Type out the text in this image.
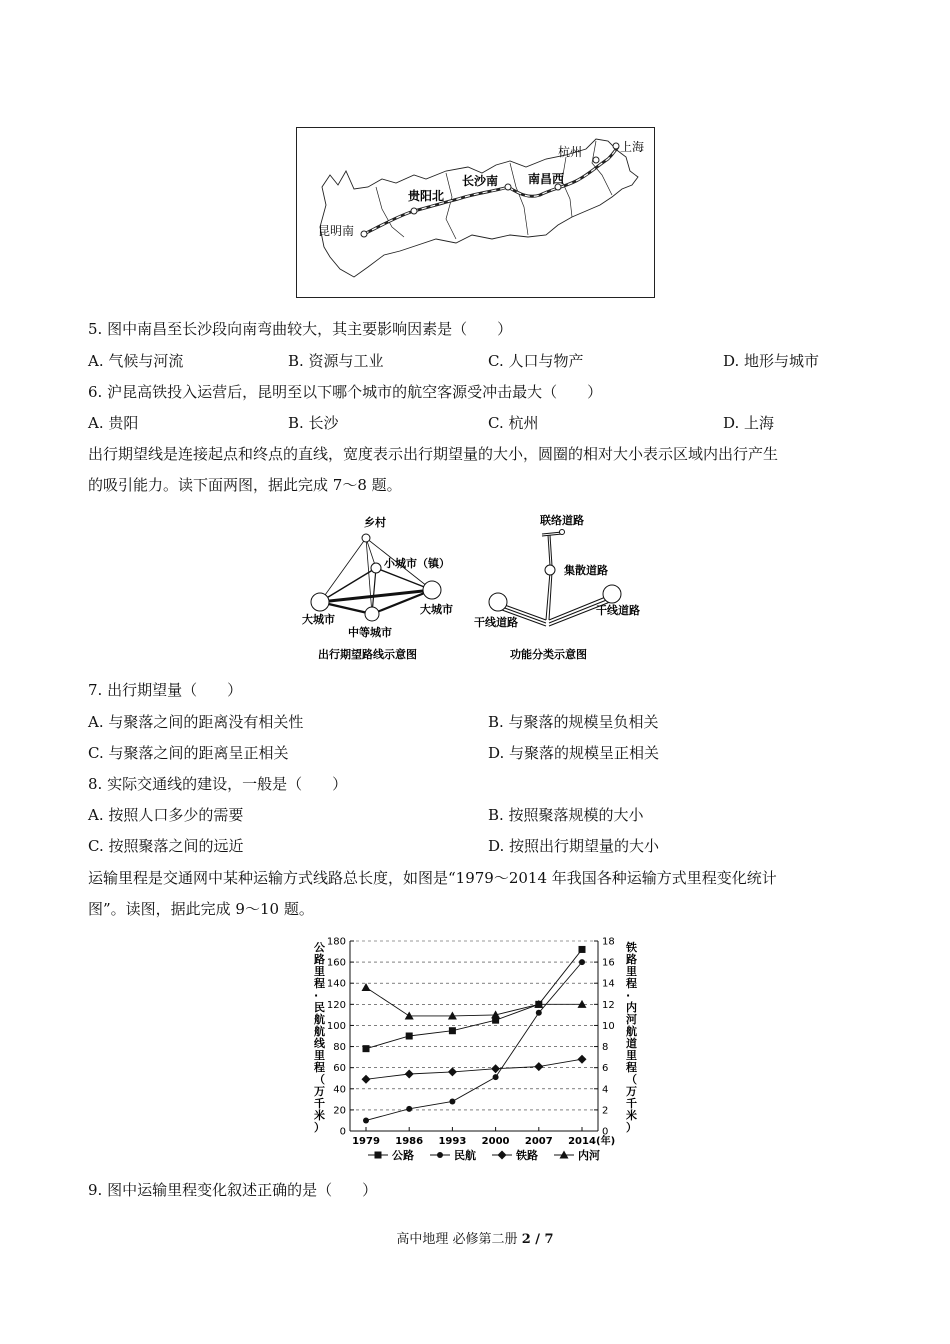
上海
杭州
南昌西
长沙南
贵阳北
昆明南
5. 图中南昌至长沙段向南弯曲较大，其主要影响因素是（　　）
A. 气候与河流	B. 资源与工业	C. 人口与物产	D. 地形与城市
6. 沪昆高铁投入运营后，昆明至以下哪个城市的航空客源受冲击最大（　　）
A. 贵阳	B. 长沙	C. 杭州	D. 上海
出行期望线是连接起点和终点的直线，宽度表示出行期望量的大小，圆圈的相对大小表示区域内出行产生
的吸引能力。读下面两图，据此完成 7～8 题。
乡村
小城市（镇）
大城市
中等城市
大城市
出行期望路线示意图
联络道路
集散道路
干线道路
干线道路
功能分类示意图
7. 出行期望量（　　）
A. 与聚落之间的距离没有相关性	B. 与聚落的规模呈负相关
C. 与聚落之间的距离呈正相关	D. 与聚落的规模呈正相关
8. 实际交通线的建设，一般是（　　）
A. 按照人口多少的需要	B. 按照聚落规模的大小
C. 按照聚落之间的远近	D. 按照出行期望量的大小
运输里程是交通网中某种运输方式线路总长度，如图是“1979～2014 年我国各种运输方式里程变化统计
图”。读图，据此完成 9～10 题。
0
20
40
60
80
100
120
140
160
180
0
2
4
6
8
10
12
14
16
18
1979 1986 1993 2000 2007 2014 (年)
公路	民航	铁路	内河
公路里程·民航航线里程（万千米）
铁路里程·内河航道里程（万千米）
9. 图中运输里程变化叙述正确的是（　　）
高中地理 必修第二册 2 / 7
